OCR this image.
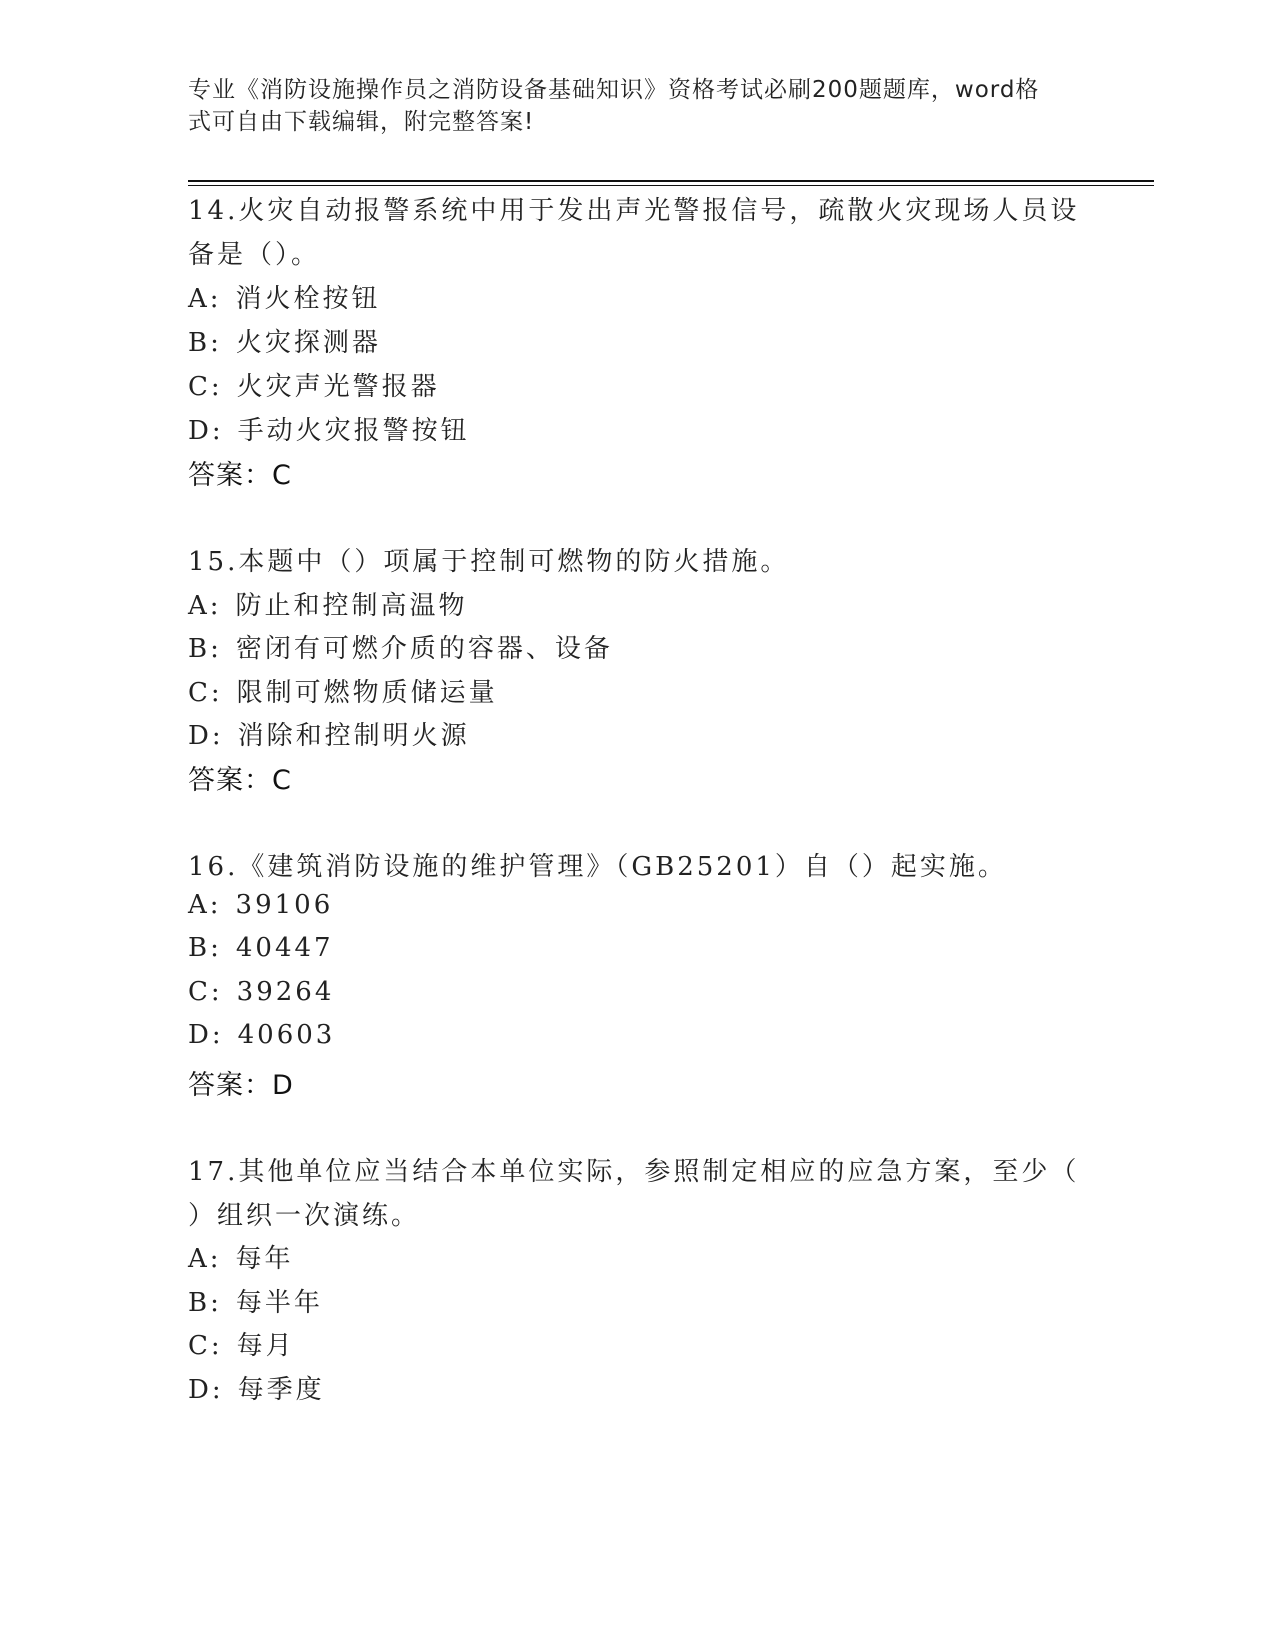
专业《消防设施操作员之消防设备基础知识》资格考试必刷200题题库，word格
式可自由下载编辑，附完整答案!
14.火灾自动报警系统中用于发出声光警报信号，疏散火灾现场人员设
备是（）。
A: 消火栓按钮
B: 火灾探测器
C: 火灾声光警报器
D: 手动火灾报警按钮
答案：C
15.本题中（）项属于控制可燃物的防火措施。
A: 防止和控制高温物
B: 密闭有可燃介质的容器、设备
C: 限制可燃物质储运量
D: 消除和控制明火源
答案：C
16.《建筑消防设施的维护管理》（GB25201）自（）起实施。
A: 39106
B: 40447
C: 39264
D: 40603
答案：D
17.其他单位应当结合本单位实际，参照制定相应的应急方案，至少（
）组织一次演练。
A: 每年
B: 每半年
C: 每月
D: 每季度
